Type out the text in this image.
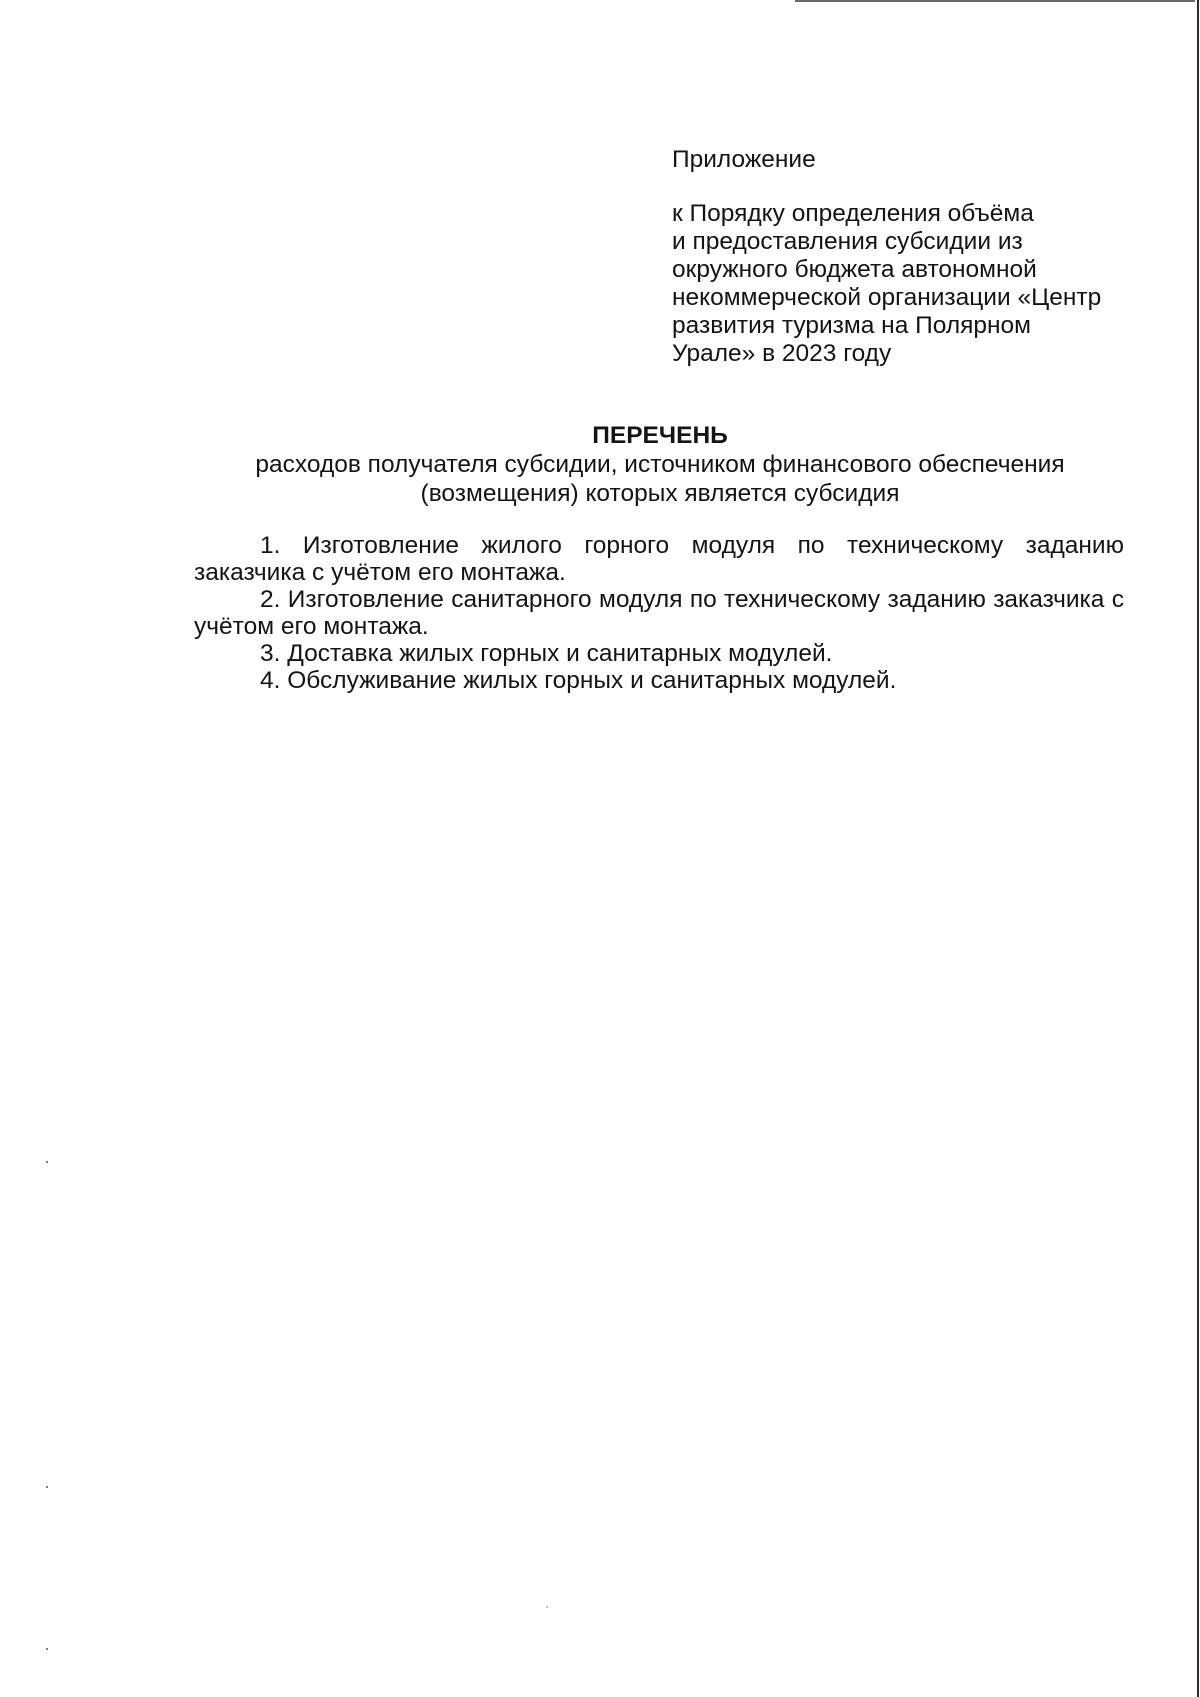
Приложение

к Порядку определения объёма
и предоставления субсидии из
окружного бюджета автономной
некоммерческой организации «Центр
развития туризма на Полярном
Урале» в 2023 году
ПЕРЕЧЕНЬ
расходов получателя субсидии, источником финансового обеспечения
(возмещения) которых является субсидия

1. Изготовление жилого горного модуля по техническому заданию заказчика с учётом его монтажа.

2. Изготовление санитарного модуля по техническому заданию заказчика с учётом его монтажа.

3. Доставка жилых горных и санитарных модулей.

4. Обслуживание жилых горных и санитарных модулей.
